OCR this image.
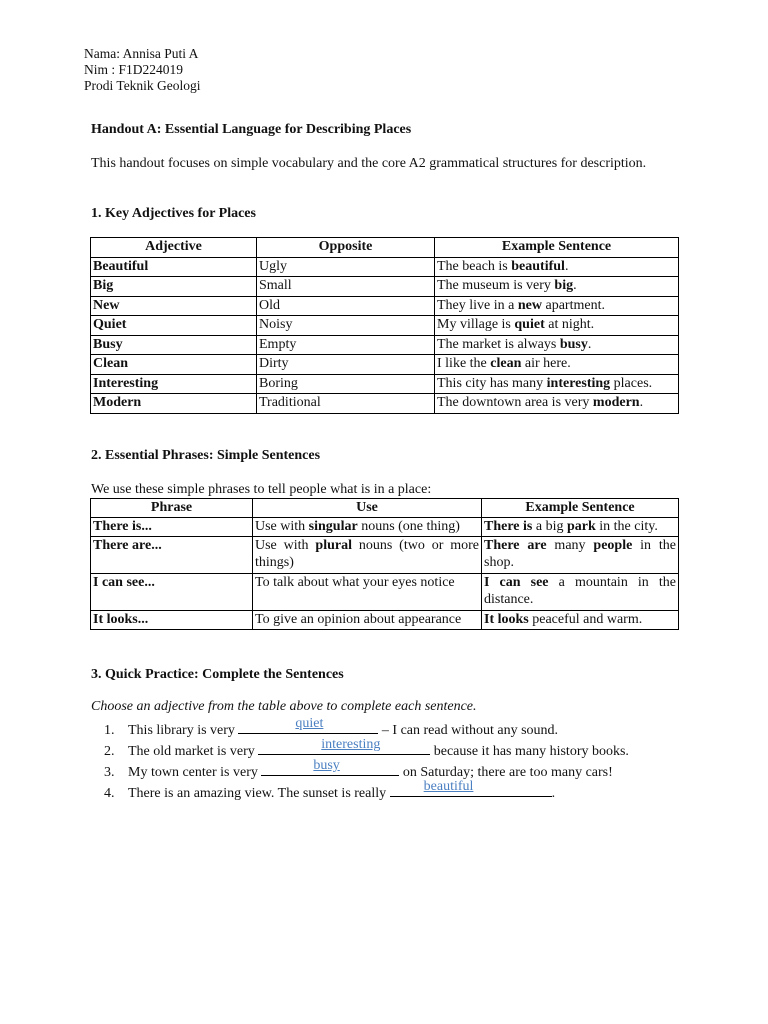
Nama: Annisa Puti A
Nim : F1D224019
Prodi Teknik Geologi
Handout A: Essential Language for Describing Places
This handout focuses on simple vocabulary and the core A2 grammatical structures for description.
1. Key Adjectives for Places
Adjective	Opposite	Example Sentence
Beautiful	Ugly	The beach is beautiful.
Big	Small	The museum is very big.
New	Old	They live in a new apartment.
Quiet	Noisy	My village is quiet at night.
Busy	Empty	The market is always busy.
Clean	Dirty	I like the clean air here.
Interesting	Boring	This city has many interesting places.
Modern	Traditional	The downtown area is very modern.
2. Essential Phrases: Simple Sentences
We use these simple phrases to tell people what is in a place:
Phrase	Use	Example Sentence
There is...	Use with singular nouns (one thing)	There is a big park in the city.
There are...	Use with plural nouns (two or more things)	There are many people in the shop.
I can see...	To talk about what your eyes notice	I can see a mountain in the distance.
It looks...	To give an opinion about appearance	It looks peaceful and warm.
3. Quick Practice: Complete the Sentences
Choose an adjective from the table above to complete each sentence.
1. This library is very	quiet	– I can read without any sound.
2. The old market is very	interesting	because it has many history books.
3. My town center is very	busy	on Saturday; there are too many cars!
4. There is an amazing view. The sunset is really beautiful	.
